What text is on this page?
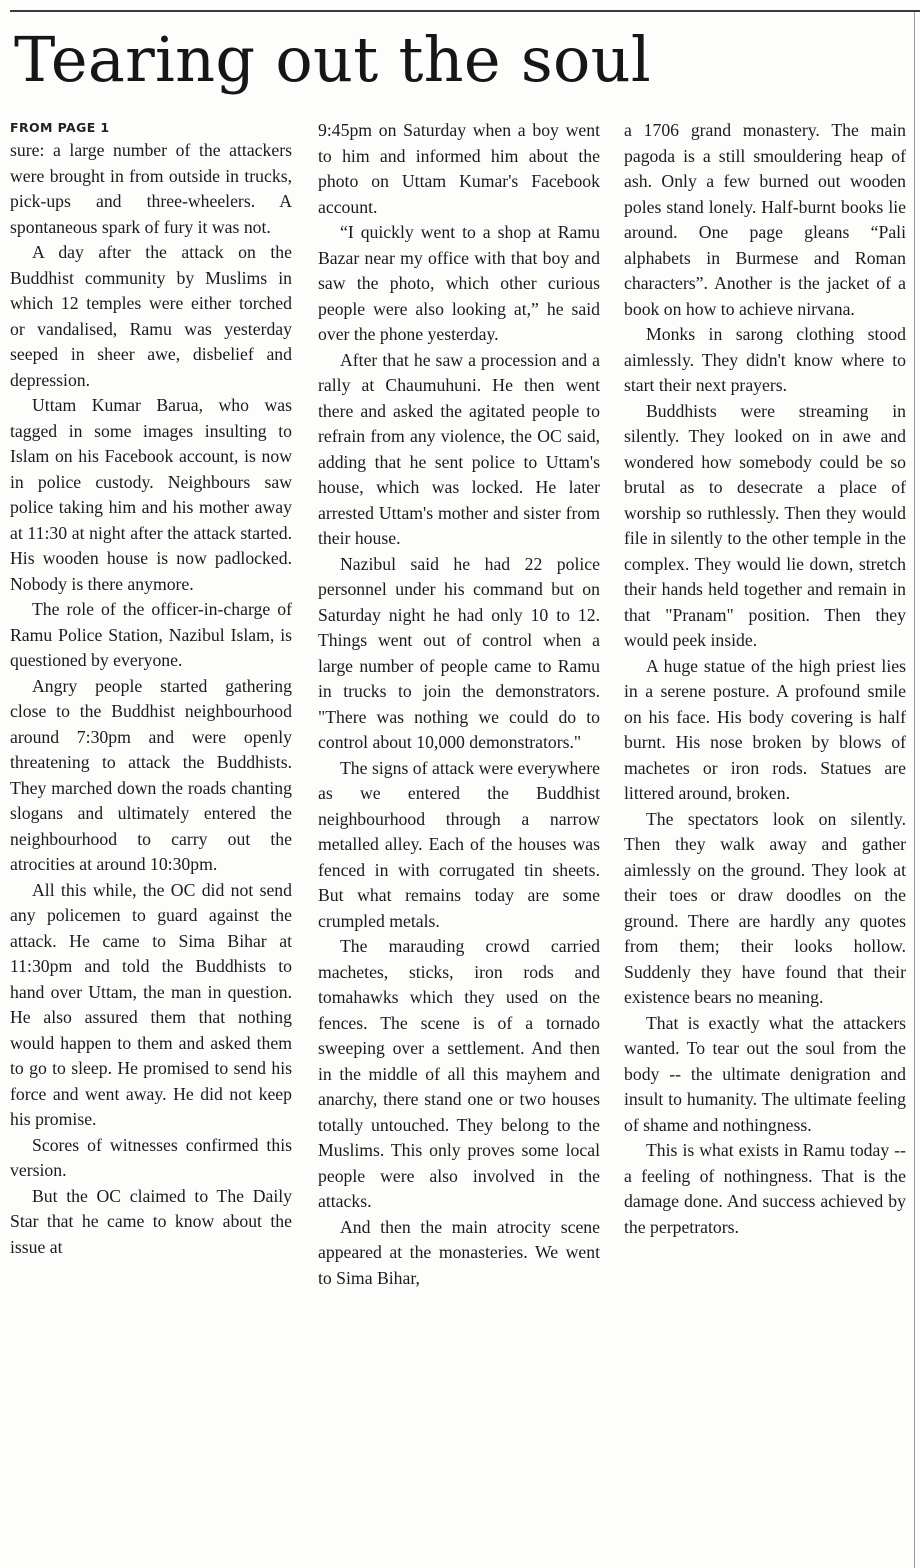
Tearing out the soul
FROM PAGE 1

sure: a large number of the attackers were brought in from outside in trucks, pick-ups and three-wheelers. A spontaneous spark of fury it was not.

A day after the attack on the Buddhist community by Muslims in which 12 temples were either torched or vandalised, Ramu was yesterday seeped in sheer awe, disbelief and depression.

Uttam Kumar Barua, who was tagged in some images insulting to Islam on his Facebook account, is now in police custody. Neighbours saw police taking him and his mother away at 11:30 at night after the attack started. His wooden house is now padlocked. Nobody is there anymore.

The role of the officer-in-charge of Ramu Police Station, Nazibul Islam, is questioned by everyone.

Angry people started gathering close to the Buddhist neighbourhood around 7:30pm and were openly threatening to attack the Buddhists. They marched down the roads chanting slogans and ultimately entered the neighbourhood to carry out the atrocities at around 10:30pm.

All this while, the OC did not send any policemen to guard against the attack. He came to Sima Bihar at 11:30pm and told the Buddhists to hand over Uttam, the man in question. He also assured them that nothing would happen to them and asked them to go to sleep. He promised to send his force and went away. He did not keep his promise.

Scores of witnesses confirmed this version.

But the OC claimed to The Daily Star that he came to know about the issue at

9:45pm on Saturday when a boy went to him and informed him about the photo on Uttam Kumar's Facebook account.

“I quickly went to a shop at Ramu Bazar near my office with that boy and saw the photo, which other curious people were also looking at,” he said over the phone yesterday.

After that he saw a procession and a rally at Chaumuhuni. He then went there and asked the agitated people to refrain from any violence, the OC said, adding that he sent police to Uttam's house, which was locked. He later arrested Uttam's mother and sister from their house.

Nazibul said he had 22 police personnel under his command but on Saturday night he had only 10 to 12. Things went out of control when a large number of people came to Ramu in trucks to join the demonstrators. "There was nothing we could do to control about 10,000 demonstrators."

The signs of attack were everywhere as we entered the Buddhist neighbourhood through a narrow metalled alley. Each of the houses was fenced in with corrugated tin sheets. But what remains today are some crumpled metals.

The marauding crowd carried machetes, sticks, iron rods and tomahawks which they used on the fences. The scene is of a tornado sweeping over a settlement. And then in the middle of all this mayhem and anarchy, there stand one or two houses totally untouched. They belong to the Muslims. This only proves some local people were also involved in the attacks.

And then the main atrocity scene appeared at the monasteries. We went to Sima Bihar,

a 1706 grand monastery. The main pagoda is a still smouldering heap of ash. Only a few burned out wooden poles stand lonely. Half-burnt books lie around. One page gleans “Pali alphabets in Burmese and Roman characters”. Another is the jacket of a book on how to achieve nirvana.

Monks in sarong clothing stood aimlessly. They didn't know where to start their next prayers.

Buddhists were streaming in silently. They looked on in awe and wondered how somebody could be so brutal as to desecrate a place of worship so ruthlessly. Then they would file in silently to the other temple in the complex. They would lie down, stretch their hands held together and remain in that "Pranam" position. Then they would peek inside.

A huge statue of the high priest lies in a serene posture. A profound smile on his face. His body covering is half burnt. His nose broken by blows of machetes or iron rods. Statues are littered around, broken.

The spectators look on silently. Then they walk away and gather aimlessly on the ground. They look at their toes or draw doodles on the ground. There are hardly any quotes from them; their looks hollow. Suddenly they have found that their existence bears no meaning.

That is exactly what the attackers wanted. To tear out the soul from the body -- the ultimate denigration and insult to humanity. The ultimate feeling of shame and nothingness.

This is what exists in Ramu today -- a feeling of nothingness. That is the damage done. And success achieved by the perpetrators.
